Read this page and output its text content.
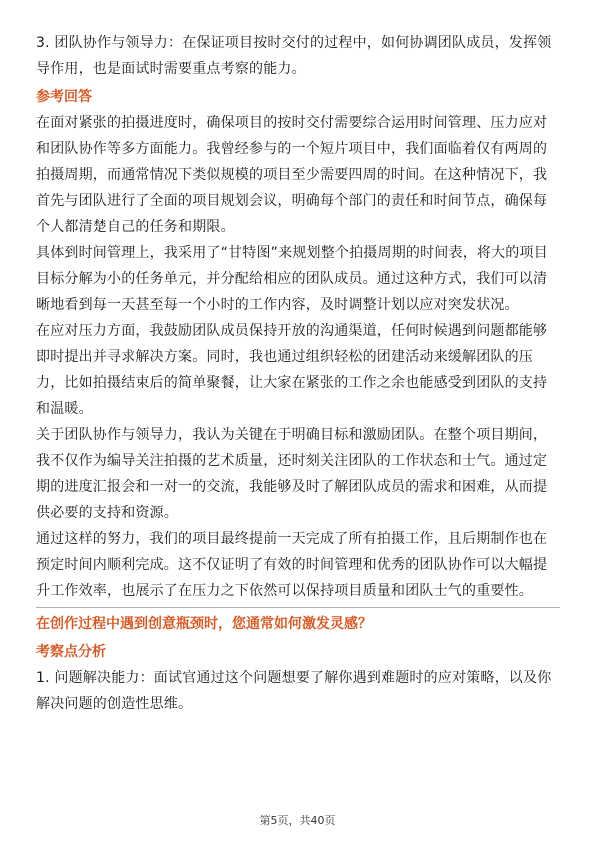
3. 团队协作与领导力：在保证项目按时交付的过程中，如何协调团队成员，发挥领导作用，也是面试时需要重点考察的能力。

参考回答

在面对紧张的拍摄进度时，确保项目的按时交付需要综合运用时间管理、压力应对和团队协作等多方面能力。我曾经参与的一个短片项目中，我们面临着仅有两周的拍摄周期，而通常情况下类似规模的项目至少需要四周的时间。在这种情况下，我首先与团队进行了全面的项目规划会议，明确每个部门的责任和时间节点，确保每个人都清楚自己的任务和期限。

具体到时间管理上，我采用了“甘特图”来规划整个拍摄周期的时间表，将大的项目目标分解为小的任务单元，并分配给相应的团队成员。通过这种方式，我们可以清晰地看到每一天甚至每一个小时的工作内容，及时调整计划以应对突发状况。

在应对压力方面，我鼓励团队成员保持开放的沟通渠道，任何时候遇到问题都能够即时提出并寻求解决方案。同时，我也通过组织轻松的团建活动来缓解团队的压力，比如拍摄结束后的简单聚餐，让大家在紧张的工作之余也能感受到团队的支持和温暖。

关于团队协作与领导力，我认为关键在于明确目标和激励团队。在整个项目期间，我不仅作为编导关注拍摄的艺术质量，还时刻关注团队的工作状态和士气。通过定期的进度汇报会和一对一的交流，我能够及时了解团队成员的需求和困难，从而提供必要的支持和资源。

通过这样的努力，我们的项目最终提前一天完成了所有拍摄工作，且后期制作也在预定时间内顺利完成。这不仅证明了有效的时间管理和优秀的团队协作可以大幅提升工作效率，也展示了在压力之下依然可以保持项目质量和团队士气的重要性。

在创作过程中遇到创意瓶颈时，您通常如何激发灵感？
考察点分析

1. 问题解决能力：面试官通过这个问题想要了解你遇到难题时的应对策略，以及你解决问题的创造性思维。

第5页，共40页
